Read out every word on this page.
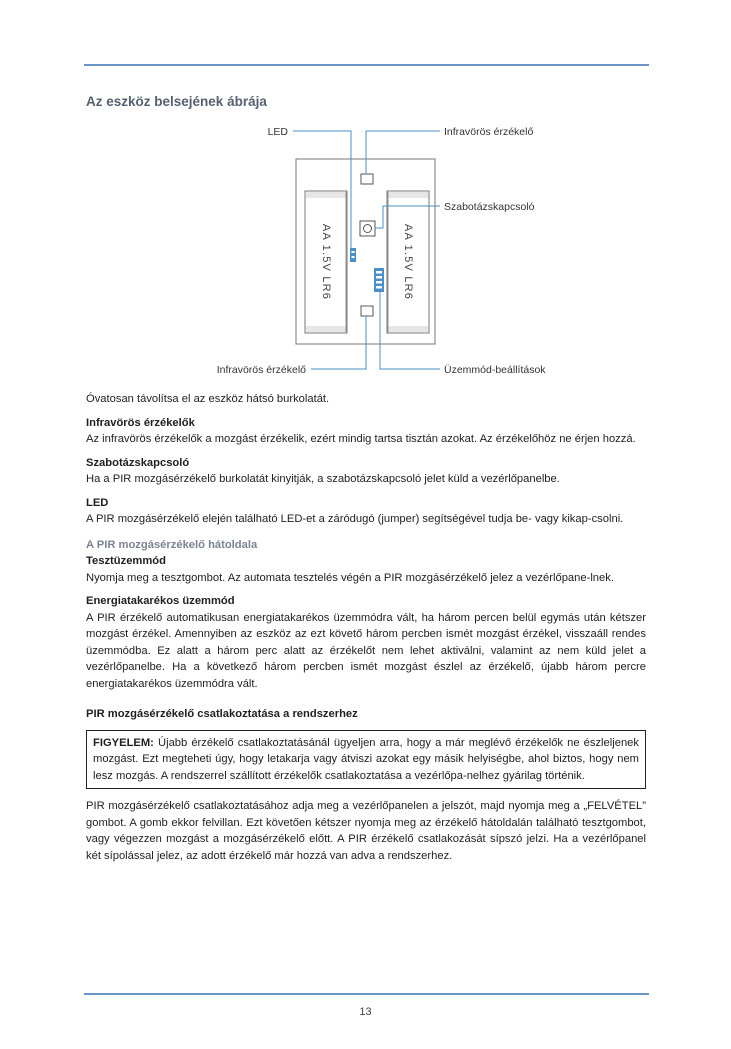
Az eszköz belsejének ábrája
AA 1.5V LR6	AA 1.5V LR6
LED	Infravörös érzékelő
Szabotázskapcsoló
Infravörös érzékelő	Üzemmód-beállítások

Óvatosan távolítsa el az eszköz hátsó burkolatát.

Infravörös érzékelők

Az infravörös érzékelők a mozgást érzékelik, ezért mindig tartsa tisztán azokat. Az érzékelőhöz ne érjen hozzá.

Szabotázskapcsoló

Ha a PIR mozgásérzékelő burkolatát kinyitják, a szabotázskapcsoló jelet küld a vezérlőpanelbe.

LED

A PIR mozgásérzékelő elején található LED-et a záródugó (jumper) segítségével tudja be- vagy kikap-csolni.

A PIR mozgásérzékelő hátoldala

Tesztüzemmód

Nyomja meg a tesztgombot. Az automata tesztelés végén a PIR mozgásérzékelő jelez a vezérlőpane-lnek.

Energiatakarékos üzemmód

A PIR érzékelő automatikusan energiatakarékos üzemmódra vált, ha három percen belül egymás után kétszer mozgást érzékel. Amennyiben az eszköz az ezt követő három percben ismét mozgást érzékel, visszaáll rendes üzemmódba. Ez alatt a három perc alatt az érzékelőt nem lehet aktiválni, valamint az nem küld jelet a vezérlőpanelbe. Ha a következő három percben ismét mozgást észlel az érzékelő, újabb három percre energiatakarékos üzemmódra vált.

PIR mozgásérzékelő csatlakoztatása a rendszerhez

FIGYELEM: Újabb érzékelő csatlakoztatásánál ügyeljen arra, hogy a már meglévő érzékelők ne észleljenek mozgást. Ezt megteheti úgy, hogy letakarja vagy átviszi azokat egy másik helyiségbe, ahol biztos, hogy nem lesz mozgás. A rendszerrel szállított érzékelők csatlakoztatása a vezérlőpa-nelhez gyárilag történik.

PIR mozgásérzékelő csatlakoztatásához adja meg a vezérlőpanelen a jelszót, majd nyomja meg a „FELVÉTEL” gombot. A gomb ekkor felvillan. Ezt követően kétszer nyomja meg az érzékelő hátoldalán található tesztgombot, vagy végezzen mozgást a mozgásérzékelő előtt. A PIR érzékelő csatlakozását sípszó jelzi. Ha a vezérlőpanel két sípolással jelez, az adott érzékelő már hozzá van adva a rendszerhez.

13
